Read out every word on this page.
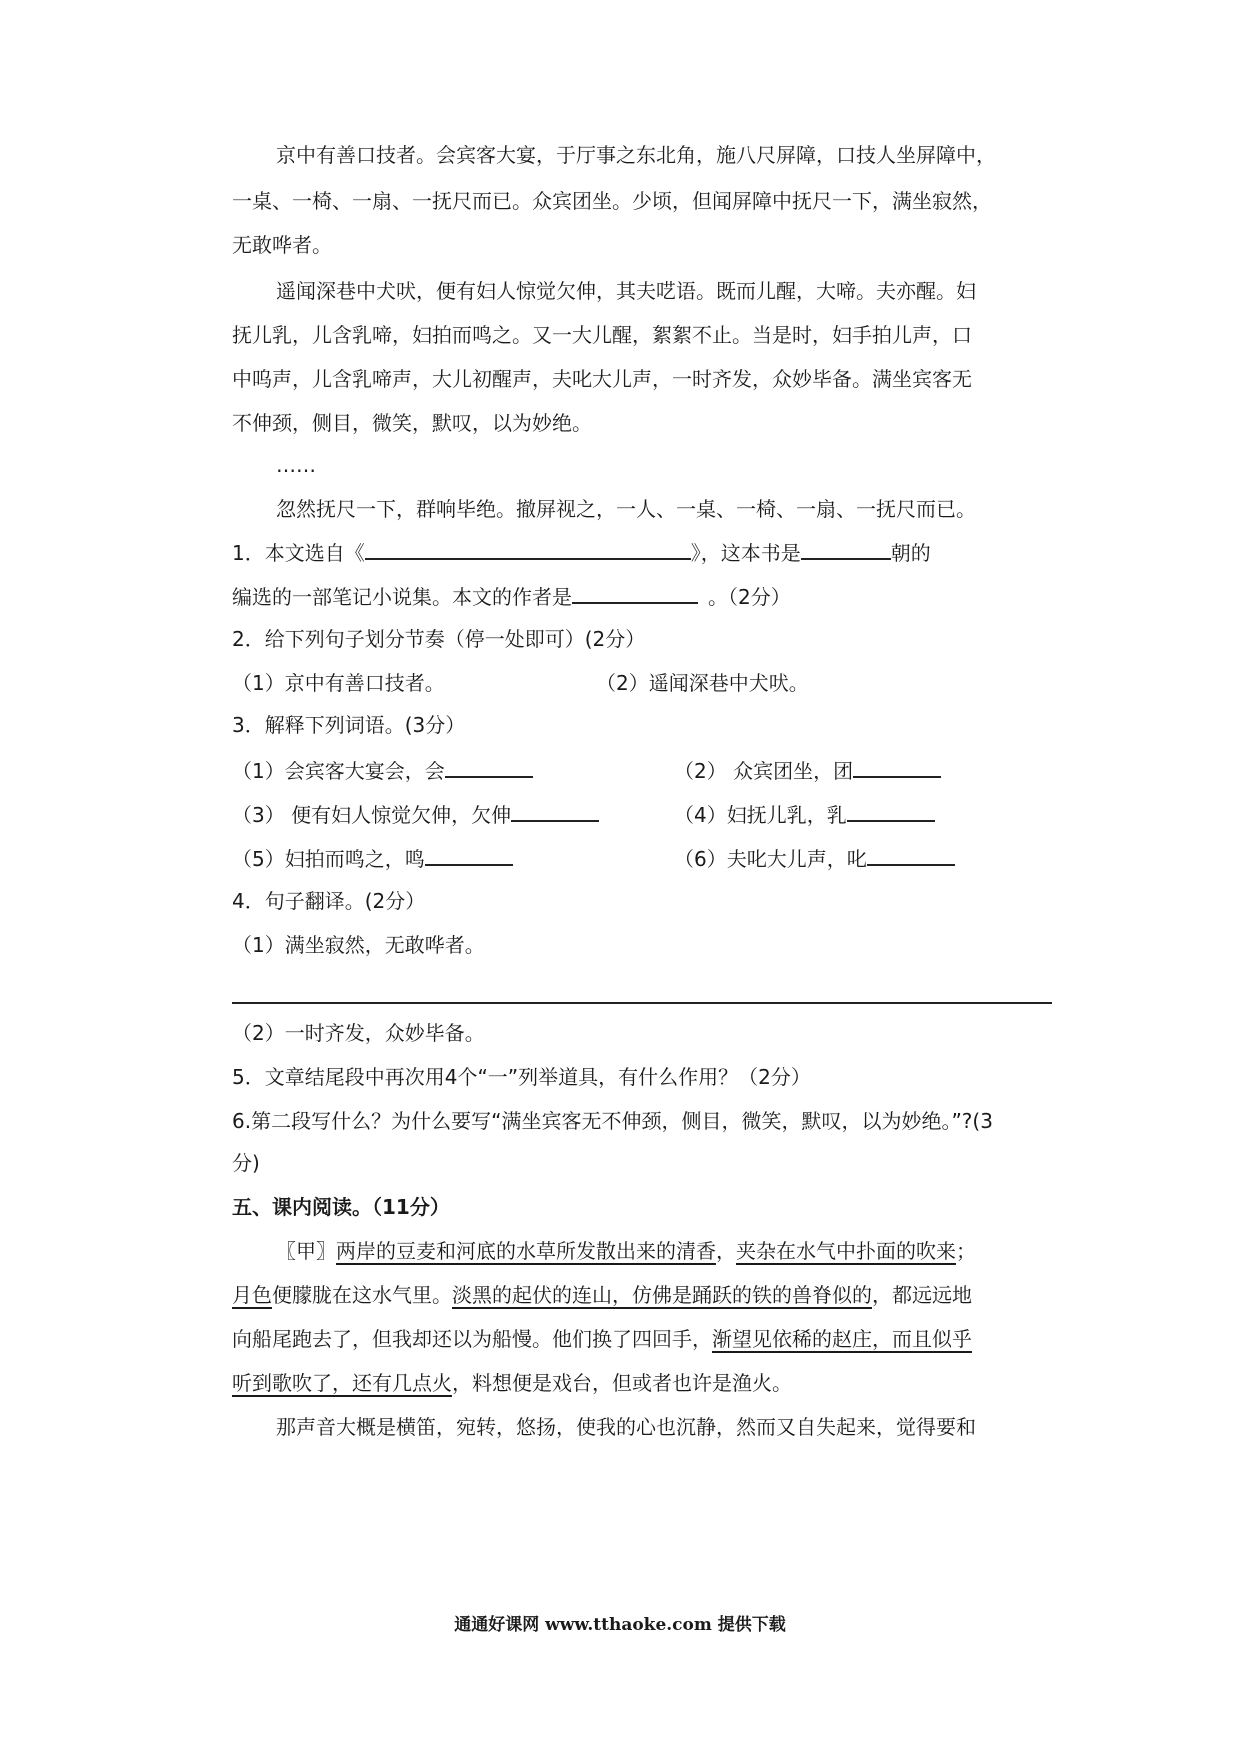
京中有善口技者。会宾客大宴，于厅事之东北角，施八尺屏障，口技人坐屏障中，
一桌、一椅、一扇、一抚尺而已。众宾团坐。少顷，但闻屏障中抚尺一下，满坐寂然，
无敢哗者。
遥闻深巷中犬吠，便有妇人惊觉欠伸，其夫呓语。既而儿醒，大啼。夫亦醒。妇
抚儿乳，儿含乳啼，妇拍而鸣之。又一大儿醒，絮絮不止。当是时，妇手拍儿声，口
中呜声，儿含乳啼声，大儿初醒声，夫叱大儿声，一时齐发，众妙毕备。满坐宾客无
不伸颈，侧目，微笑，默叹，以为妙绝。
……
忽然抚尺一下，群响毕绝。撤屏视之，一人、一桌、一椅、一扇、一抚尺而已。
1．本文选自《	》，这本书是	朝的
编选的一部笔记小说集。本文的作者是	。（2分）
2．给下列句子划分节奏（停一处即可）(2分）
（1）京中有善口技者。	（2）遥闻深巷中犬吠。
3．解释下列词语。(3分）
（1）会宾客大宴会，会	（2） 众宾团坐，团
（3） 便有妇人惊觉欠伸，欠伸	（4）妇抚儿乳，乳
（5）妇拍而鸣之，鸣	（6）夫叱大儿声，叱
4．句子翻译。(2分）
（1）满坐寂然，无敢哗者。
（2）一时齐发，众妙毕备。
5．文章结尾段中再次用4个“一”列举道具，有什么作用？（2分）
6.第二段写什么？为什么要写“满坐宾客无不伸颈，侧目，微笑，默叹，以为妙绝。”?(3
分)
五、课内阅读。（11分）
〖甲〗两岸的豆麦和河底的水草所发散出来的清香，夹杂在水气中扑面的吹来；
月色便朦胧在这水气里。淡黑的起伏的连山，仿佛是踊跃的铁的兽脊似的，都远远地
向船尾跑去了，但我却还以为船慢。他们换了四回手，渐望见依稀的赵庄，而且似乎
听到歌吹了，还有几点火，料想便是戏台，但或者也许是渔火。
那声音大概是横笛，宛转，悠扬，使我的心也沉静，然而又自失起来，觉得要和
通通好课网 www.tthaoke.com 提供下载
